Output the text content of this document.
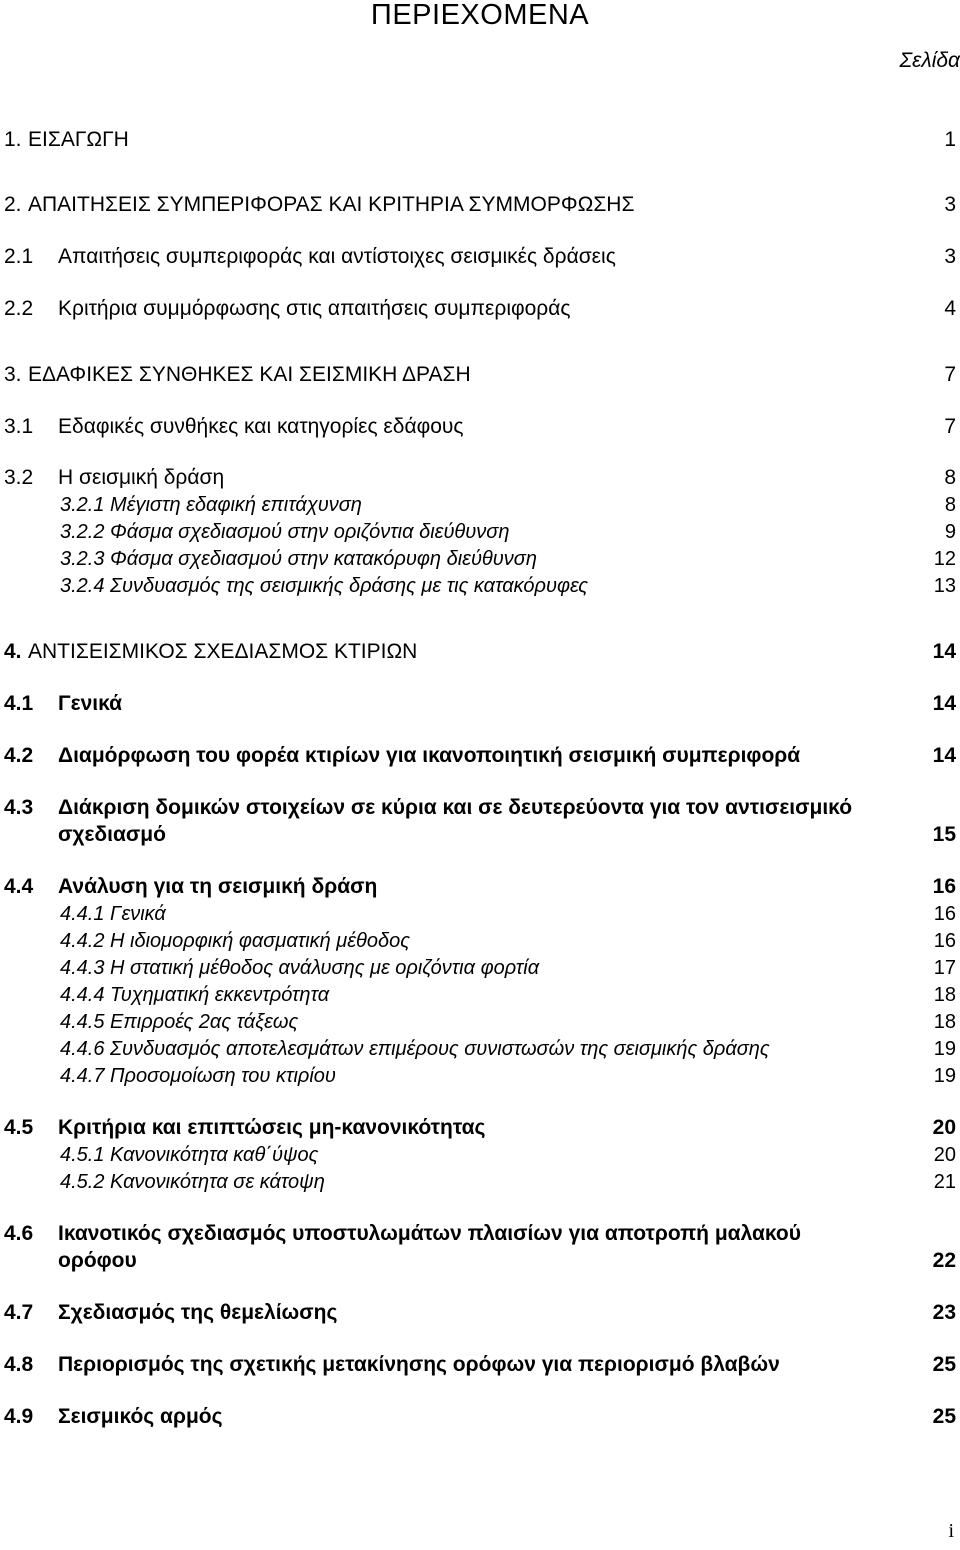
ΠΕΡΙΕΧΟΜΕΝΑ
Σελίδα
1. ΕΙΣΑΓΩΓΗ	1
2. ΑΠΑΙΤΗΣΕΙΣ ΣΥΜΠΕΡΙΦΟΡΑΣ ΚΑΙ ΚΡΙΤΗΡΙΑ ΣΥΜΜΟΡΦΩΣΗΣ	3
2.1 Απαιτήσεις συμπεριφοράς και αντίστοιχες σεισμικές δράσεις	3
2.2 Κριτήρια συμμόρφωσης στις απαιτήσεις συμπεριφοράς	4
3. ΕΔΑΦΙΚΕΣ ΣΥΝΘΗΚΕΣ ΚΑΙ ΣΕΙΣΜΙΚΗ ΔΡΑΣΗ	7
3.1 Εδαφικές συνθήκες και κατηγορίες εδάφους	7
3.2 Η σεισμική δράση	8
3.2.1 Μέγιστη εδαφική επιτάχυνση	8
3.2.2 Φάσμα σχεδιασμού στην οριζόντια διεύθυνση	9
3.2.3 Φάσμα σχεδιασμού στην κατακόρυφη διεύθυνση	12
3.2.4 Συνδυασμός της σεισμικής δράσης με τις κατακόρυφες	13
4. ΑΝΤΙΣΕΙΣΜΙΚΟΣ ΣΧΕΔΙΑΣΜΟΣ ΚΤΙΡΙΩΝ	14
4.1 Γενικά	14
4.2 Διαμόρφωση του φορέα κτιρίων για ικανοποιητική σεισμική συμπεριφορά	14
4.3 Διάκριση δομικών στοιχείων σε κύρια και σε δευτερεύοντα για τον αντισεισμικό
σχεδιασμό	15
4.4 Ανάλυση για τη σεισμική δράση	16
4.4.1 Γενικά	16
4.4.2 Η ιδιομορφική φασματική μέθοδος	16
4.4.3 Η στατική μέθοδος ανάλυσης με οριζόντια φορτία	17
4.4.4 Τυχηματική εκκεντρότητα	18
4.4.5 Επιρροές 2ας τάξεως	18
4.4.6 Συνδυασμός αποτελεσμάτων επιμέρους συνιστωσών της σεισμικής δράσης	19
4.4.7 Προσομοίωση του κτιρίου	19
4.5 Κριτήρια και επιπτώσεις μη-κανονικότητας	20
4.5.1 Κανονικότητα καθ΄ύψος	20
4.5.2 Κανονικότητα σε κάτοψη	21
4.6 Ικανοτικός σχεδιασμός υποστυλωμάτων πλαισίων για αποτροπή μαλακού
ορόφου	22
4.7 Σχεδιασμός της θεμελίωσης	23
4.8 Περιορισμός της σχετικής μετακίνησης ορόφων για περιορισμό βλαβών	25
4.9 Σεισμικός αρμός	25
i
